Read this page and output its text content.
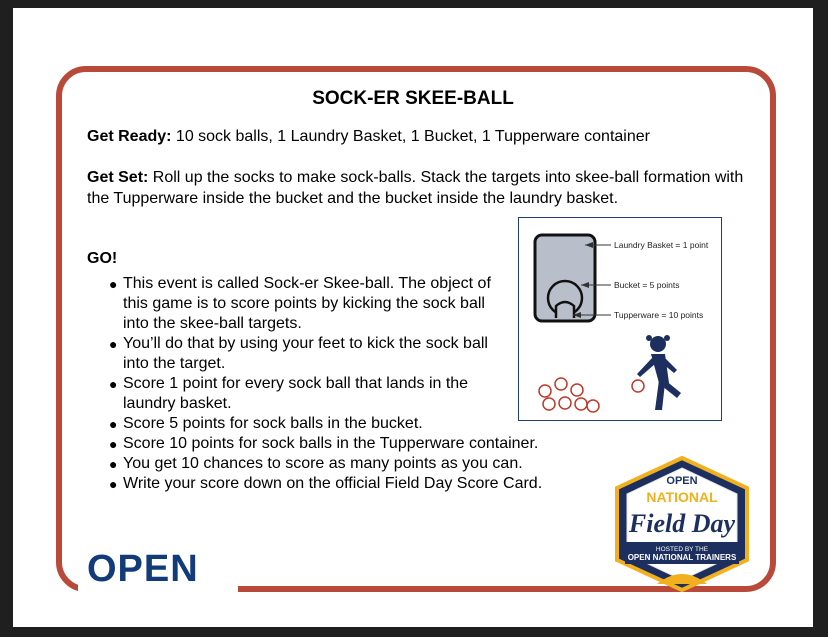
SOCK-ER SKEE-BALL
Get Ready: 10 sock balls, 1 Laundry Basket, 1 Bucket, 1 Tupperware container
Get Set: Roll up the socks to make sock-balls. Stack the targets into skee-ball formation with the Tupperware inside the bucket and the bucket inside the laundry basket.
GO!
● This event is called Sock-er Skee-ball. The object of this game is to score points by kicking the sock ball into the skee-ball targets.
● You’ll do that by using your feet to kick the sock ball into the target.
● Score 1 point for every sock ball that lands in the laundry basket.
● Score 5 points for sock balls in the bucket.
● Score 10 points for sock balls in the Tupperware container.
● You get 10 chances to score as many points as you can.
● Write your score down on the official Field Day Score Card.
Laundry Basket = 1 point
Bucket = 5 points
Tupperware = 10 points
OPEN
OPEN
NATIONAL
Field Day
HOSTED BY THE
OPEN NATIONAL TRAINERS
